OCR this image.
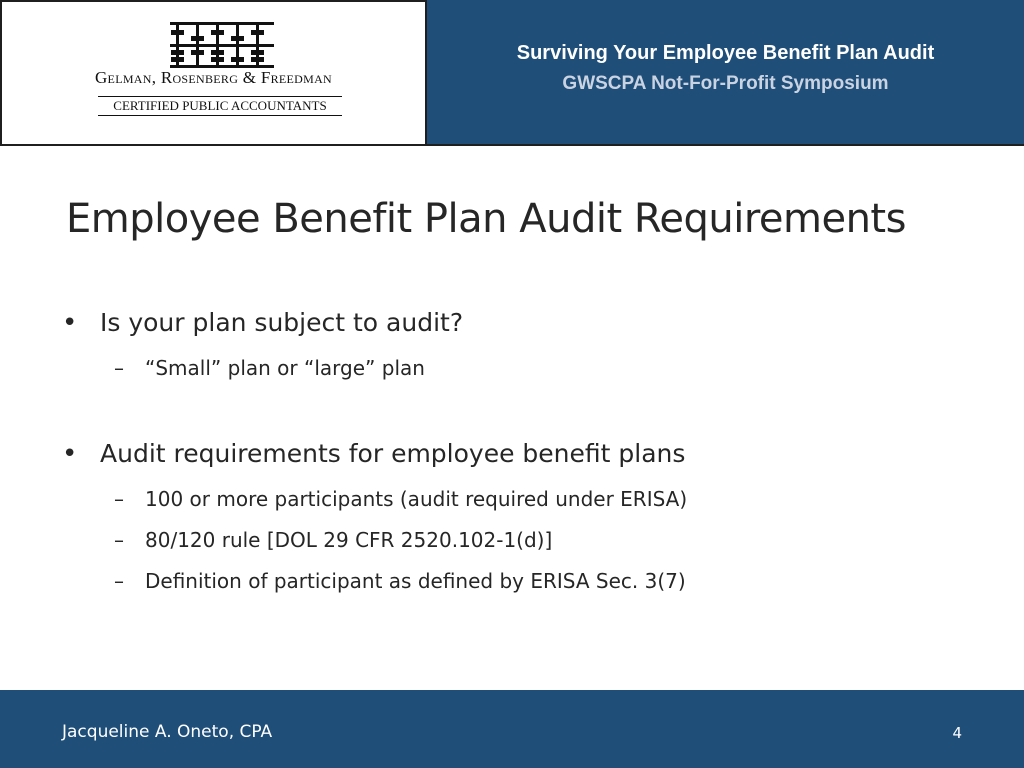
Gelman, Rosenberg & Freedman
CERTIFIED PUBLIC ACCOUNTANTS
Surviving Your Employee Benefit Plan Audit
GWSCPA Not-For-Profit Symposium
Employee Benefit Plan Audit Requirements
• Is your plan subject to audit?
– “Small” plan or “large” plan
• Audit requirements for employee benefit plans
– 100 or more participants (audit required under ERISA)
– 80/120 rule [DOL 29 CFR 2520.102-1(d)]
– Definition of participant as defined by ERISA Sec. 3(7)
Jacqueline A. Oneto, CPA	4
